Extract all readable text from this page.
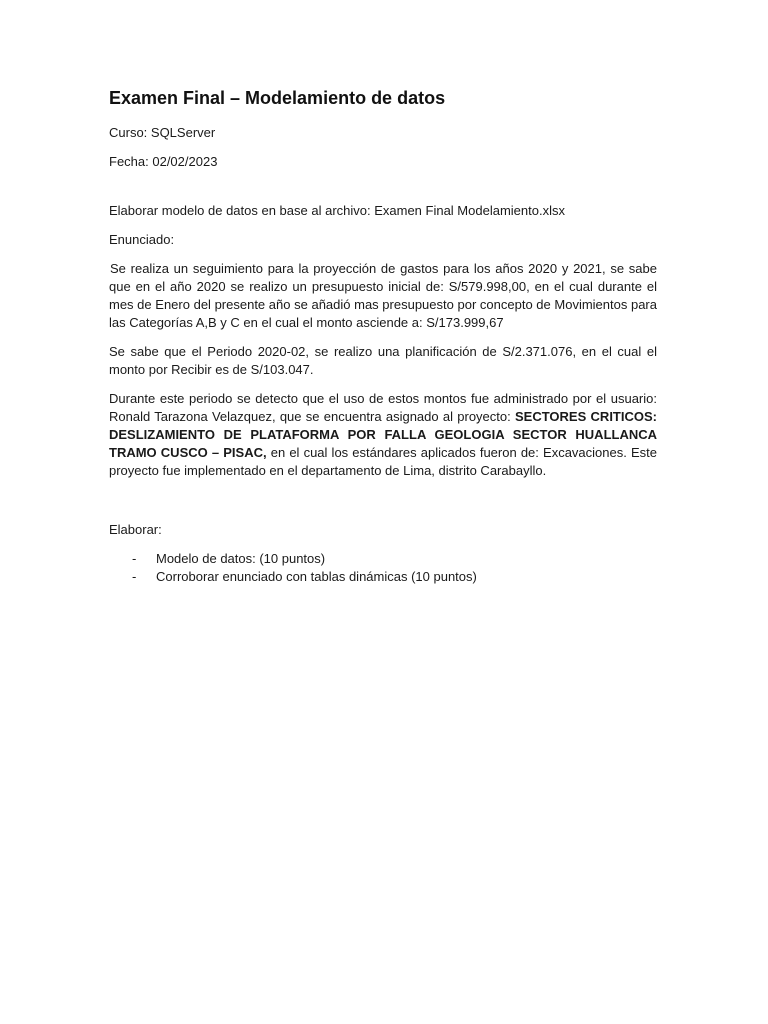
Examen Final – Modelamiento de datos

Curso: SQLServer

Fecha: 02/02/2023

Elaborar modelo de datos en base al archivo: Examen Final Modelamiento.xlsx

Enunciado:

Se realiza un seguimiento para la proyección de gastos para los años 2020 y 2021, se sabe que en el año 2020 se realizo un presupuesto inicial de: S/579.998,00, en el cual durante el mes de Enero del presente año se añadió mas presupuesto por concepto de Movimientos para las Categorías A,B y C en el cual el monto asciende a: S/173.999,67

Se sabe que el Periodo 2020-02, se realizo una planificación de S/2.371.076, en el cual el monto por Recibir es de S/103.047.

Durante este periodo se detecto que el uso de estos montos fue administrado por el usuario: Ronald Tarazona Velazquez, que se encuentra asignado al proyecto: SECTORES CRITICOS: DESLIZAMIENTO DE PLATAFORMA POR FALLA GEOLOGIA SECTOR HUALLANCA TRAMO CUSCO – PISAC, en el cual los estándares aplicados fueron de: Excavaciones. Este proyecto fue implementado en el departamento de Lima, distrito Carabayllo.

Elaborar:

- Modelo de datos: (10 puntos)
- Corroborar enunciado con tablas dinámicas (10 puntos)
